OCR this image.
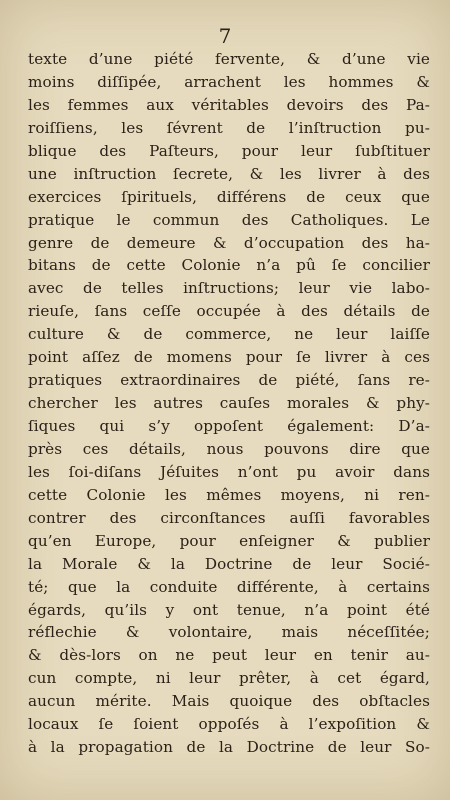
7
texte d’une piété fervente, & d’une vie
moins diſſipée, arrachent les hommes &
les femmes aux véritables devoirs des Pa-
roiſſiens, les ſévrent de l’inſtruction pu-
blique des Paſteurs, pour leur ſubſtituer
une inſtruction ſecrete, & les livrer à des
exercices ſpirituels, différens de ceux que
pratique le commun des Catholiques. Le
genre de demeure & d’occupation des ha-
bitans de cette Colonie n’a pû ſe concilier
avec de telles inſtructions; leur vie labo-
rieuſe, ſans ceſſe occupée à des détails de
culture & de commerce, ne leur laiſſe
point aſſez de momens pour ſe livrer à ces
pratiques extraordinaires de piété, ſans re-
chercher les autres cauſes morales & phy-
ſiques qui s’y oppoſent également: D’a-
près ces détails, nous pouvons dire que
les ſoi-diſans Jéſuites n’ont pu avoir dans
cette Colonie les mêmes moyens, ni ren-
contrer des circonſtances auſſi favorables
qu’en Europe, pour enſeigner & publier
la Morale & la Doctrine de leur Socié-
té; que la conduite différente, à certains
égards, qu’ils y ont tenue, n’a point été
réflechie & volontaire, mais néceſſitée;
& dès-lors on ne peut leur en tenir au-
cun compte, ni leur prêter, à cet égard,
aucun mérite. Mais quoique des obſtacles
locaux ſe ſoient oppoſés à l’expoſition &
à la propagation de la Doctrine de leur So-
